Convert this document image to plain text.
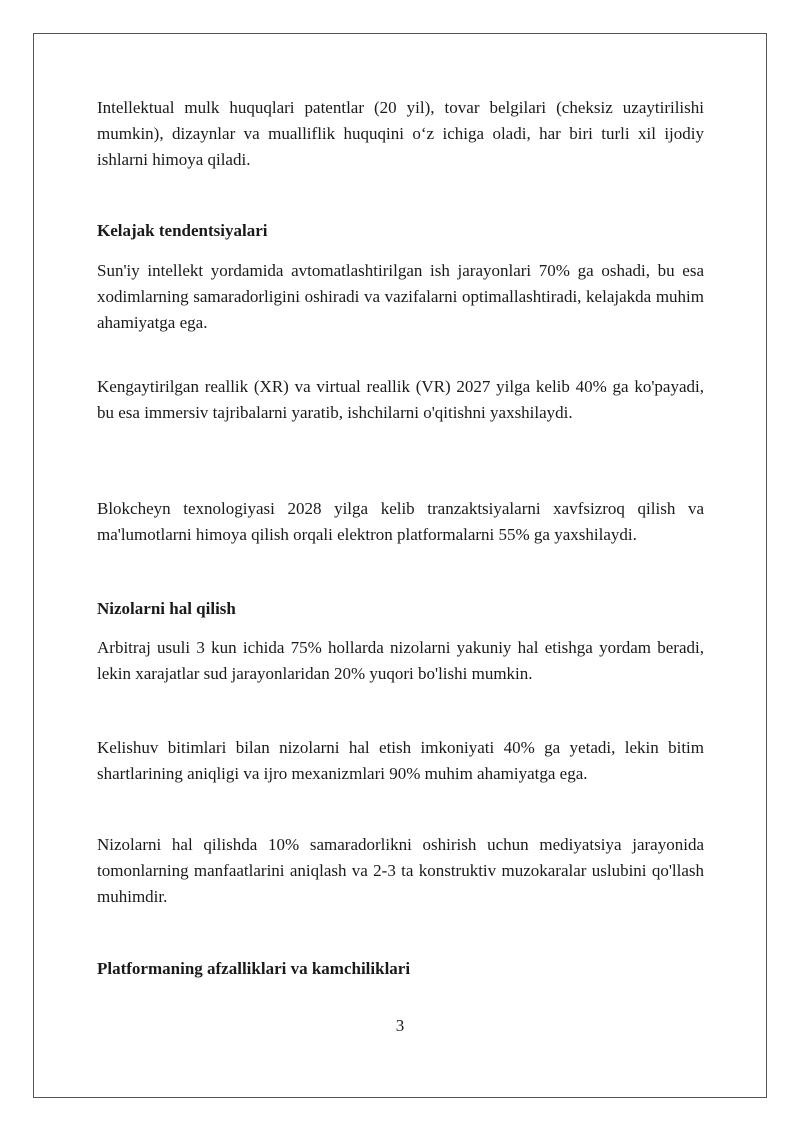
Intellektual mulk huquqlari patentlar (20 yil), tovar belgilari (cheksiz uzaytirilishi mumkin), dizaynlar va mualliflik huquqini o‘z ichiga oladi, har biri turli xil ijodiy ishlarni himoya qiladi.

Kelajak tendentsiyalari

Sun'iy intellekt yordamida avtomatlashtirilgan ish jarayonlari 70% ga oshadi, bu esa xodimlarning samaradorligini oshiradi va vazifalarni optimallashtiradi, kelajakda muhim ahamiyatga ega.

Kengaytirilgan reallik (XR) va virtual reallik (VR) 2027 yilga kelib 40% ga ko'payadi, bu esa immersiv tajribalarni yaratib, ishchilarni o'qitishni yaxshilaydi.

Blokcheyn texnologiyasi 2028 yilga kelib tranzaktsiyalarni xavfsizroq qilish va ma'lumotlarni himoya qilish orqali elektron platformalarni 55% ga yaxshilaydi.

Nizolarni hal qilish

Arbitraj usuli 3 kun ichida 75% hollarda nizolarni yakuniy hal etishga yordam beradi, lekin xarajatlar sud jarayonlaridan 20% yuqori bo'lishi mumkin.

Kelishuv bitimlari bilan nizolarni hal etish imkoniyati 40% ga yetadi, lekin bitim shartlarining aniqligi va ijro mexanizmlari 90% muhim ahamiyatga ega.

Nizolarni hal qilishda 10% samaradorlikni oshirish uchun mediyatsiya jarayonida tomonlarning manfaatlarini aniqlash va 2-3 ta konstruktiv muzokaralar uslubini qo'llash muhimdir.

Platformaning afzalliklari va kamchiliklari

3
